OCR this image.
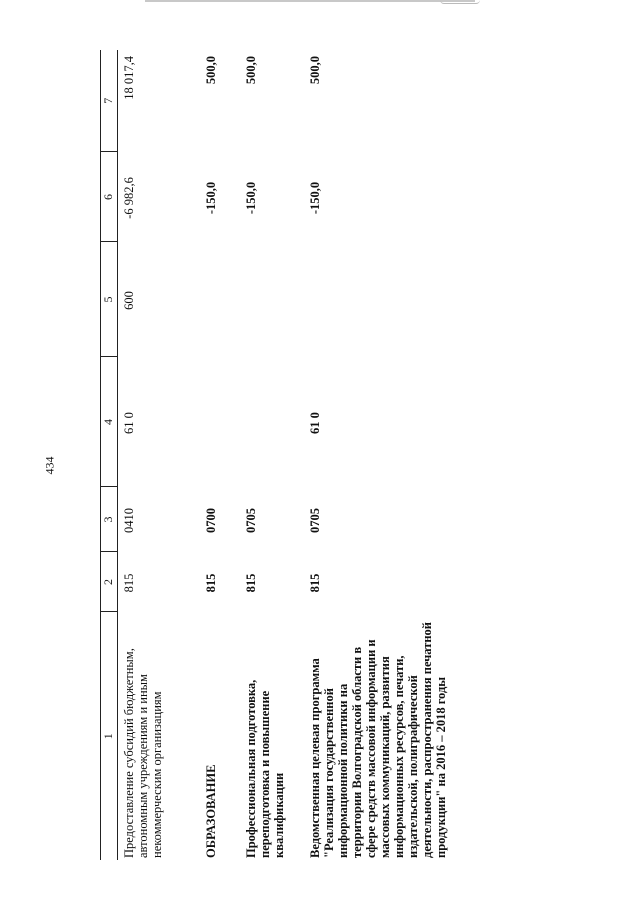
434
1	2	3	4	5	6	7
Предоставление субсидий бюджетным, автономным учреждениям и иным некоммерческим организациям	815	0410	61 0	600	-6 982,6	18 017,4
ОБРАЗОВАНИЕ	815	0700			-150,0	500,0
Профессиональная подготовка, переподготовка и повышение квалификации	815	0705			-150,0	500,0
Ведомственная целевая программа "Реализация государственной информационной политики на территории Волгоградской области в сфере средств массовой информации и массовых коммуникаций, развития информационных ресурсов, печати, издательской, полиграфической деятельности, распространения печатной продукции" на 2016 – 2018 годы	815	0705	61 0		-150,0	500,0
